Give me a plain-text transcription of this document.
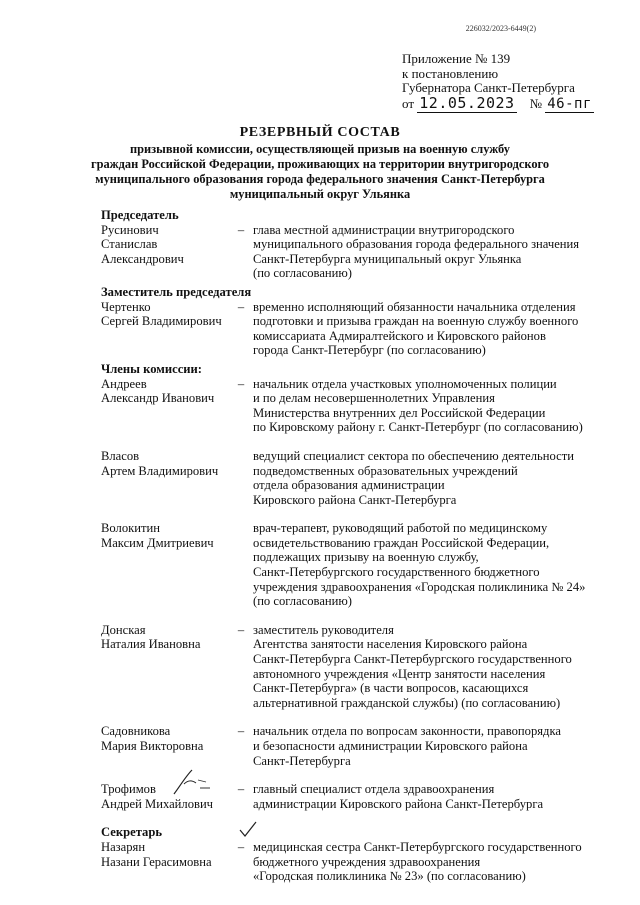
226032/2023-6449(2)
Приложение № 139
к постановлению
Губернатора Санкт-Петербурга
от 12.05.2023 № 46-пг
РЕЗЕРВНЫЙ СОСТАВ
призывной комиссии, осуществляющей призыв на военную службу
граждан Российской Федерации, проживающих на территории внутригородского
муниципального образования города федерального значения Санкт-Петербурга
муниципальный округ Ульянка
Председатель
Русинович
Станислав
Александрович
– глава местной администрации внутригородского
муниципального образования города федерального значения
Санкт-Петербурга муниципальный округ Ульянка
(по согласованию)
Заместитель председателя
Чертенко
Сергей Владимирович
– временно исполняющий обязанности начальника отделения
подготовки и призыва граждан на военную службу военного
комиссариата Адмиралтейского и Кировского районов
города Санкт-Петербург (по согласованию)
Члены комиссии:
Андреев
Александр Иванович
– начальник отдела участковых уполномоченных полиции
и по делам несовершеннолетних Управления
Министерства внутренних дел Российской Федерации
по Кировскому району г. Санкт-Петербург (по согласованию)
Власов
Артем Владимирович
ведущий специалист сектора по обеспечению деятельности
подведомственных образовательных учреждений
отдела образования администрации
Кировского района Санкт-Петербурга
Волокитин
Максим Дмитриевич
врач-терапевт, руководящий работой по медицинскому
освидетельствованию граждан Российской Федерации,
подлежащих призыву на военную службу,
Санкт-Петербургского государственного бюджетного
учреждения здравоохранения «Городская поликлиника № 24»
(по согласованию)
Донская
Наталия Ивановна
– заместитель руководителя
Агентства занятости населения Кировского района
Санкт-Петербурга Санкт-Петербургского государственного
автономного учреждения «Центр занятости населения
Санкт-Петербурга» (в части вопросов, касающихся
альтернативной гражданской службы) (по согласованию)
Садовникова
Мария Викторовна
– начальник отдела по вопросам законности, правопорядка
и безопасности администрации Кировского района
Санкт-Петербурга
Трофимов
Андрей Михайлович
– главный специалист отдела здравоохранения
администрации Кировского района Санкт-Петербурга
Секретарь
Назарян
Назани Герасимовна
– медицинская сестра Санкт-Петербургского государственного
бюджетного учреждения здравоохранения
«Городская поликлиника № 23» (по согласованию)
